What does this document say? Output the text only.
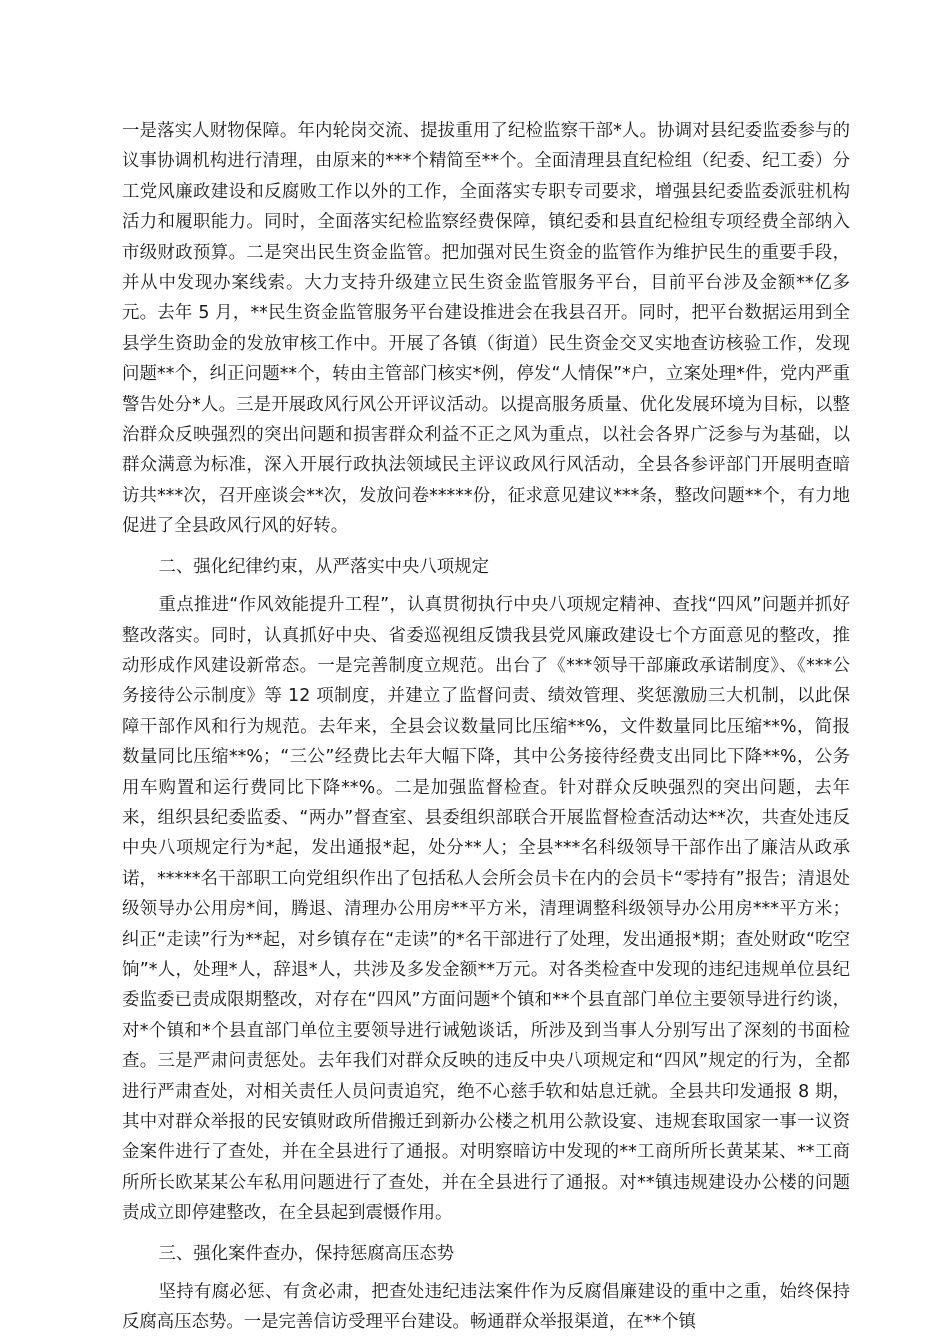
一是落实人财物保障。年内轮岗交流、提拔重用了纪检监察干部*人。协调对县纪委监委参与的议事协调机构进行清理，由原来的***个精简至**个。全面清理县直纪检组（纪委、纪工委）分工党风廉政建设和反腐败工作以外的工作，全面落实专职专司要求，增强县纪委监委派驻机构活力和履职能力。同时，全面落实纪检监察经费保障，镇纪委和县直纪检组专项经费全部纳入市级财政预算。二是突出民生资金监管。把加强对民生资金的监管作为维护民生的重要手段，并从中发现办案线索。大力支持升级建立民生资金监管服务平台，目前平台涉及金额**亿多元。去年 5 月，**民生资金监管服务平台建设推进会在我县召开。同时，把平台数据运用到全县学生资助金的发放审核工作中。开展了各镇（街道）民生资金交叉实地查访核验工作，发现问题**个，纠正问题**个，转由主管部门核实*例，停发“人情保”*户，立案处理*件，党内严重警告处分*人。三是开展政风行风公开评议活动。以提高服务质量、优化发展环境为目标，以整治群众反映强烈的突出问题和损害群众利益不正之风为重点，以社会各界广泛参与为基础，以群众满意为标准，深入开展行政执法领域民主评议政风行风活动，全县各参评部门开展明查暗访共***次，召开座谈会**次，发放问卷*****份，征求意见建议***条，整改问题**个，有力地促进了全县政风行风的好转。

二、强化纪律约束，从严落实中央八项规定

重点推进“作风效能提升工程”，认真贯彻执行中央八项规定精神、查找“四风”问题并抓好整改落实。同时，认真抓好中央、省委巡视组反馈我县党风廉政建设七个方面意见的整改，推动形成作风建设新常态。一是完善制度立规范。出台了《***领导干部廉政承诺制度》、《***公务接待公示制度》等 12 项制度，并建立了监督问责、绩效管理、奖惩激励三大机制，以此保障干部作风和行为规范。去年来，全县会议数量同比压缩**%，文件数量同比压缩**%，简报数量同比压缩**%；“三公”经费比去年大幅下降，其中公务接待经费支出同比下降**%，公务用车购置和运行费同比下降**%。二是加强监督检查。针对群众反映强烈的突出问题，去年来，组织县纪委监委、“两办”督查室、县委组织部联合开展监督检查活动达**次，共查处违反中央八项规定行为*起，发出通报*起，处分**人；全县***名科级领导干部作出了廉洁从政承诺，*****名干部职工向党组织作出了包括私人会所会员卡在内的会员卡“零持有”报告；清退处级领导办公用房*间，腾退、清理办公用房**平方米，清理调整科级领导办公用房***平方米；纠正“走读”行为**起，对乡镇存在“走读”的*名干部进行了处理，发出通报*期；查处财政“吃空饷”*人，处理*人，辞退*人，共涉及多发金额**万元。对各类检查中发现的违纪违规单位县纪委监委已责成限期整改，对存在“四风”方面问题*个镇和**个县直部门单位主要领导进行约谈，对*个镇和*个县直部门单位主要领导进行诫勉谈话，所涉及到当事人分别写出了深刻的书面检查。三是严肃问责惩处。去年我们对群众反映的违反中央八项规定和“四风”规定的行为，全都进行严肃查处，对相关责任人员问责追究，绝不心慈手软和姑息迁就。全县共印发通报 8 期，其中对群众举报的民安镇财政所借搬迁到新办公楼之机用公款设宴、违规套取国家一事一议资金案件进行了查处，并在全县进行了通报。对明察暗访中发现的**工商所所长黄某某、**工商所所长欧某某公车私用问题进行了查处，并在全县进行了通报。对**镇违规建设办公楼的问题责成立即停建整改，在全县起到震慑作用。

三、强化案件查办，保持惩腐高压态势

坚持有腐必惩、有贪必肃，把查处违纪违法案件作为反腐倡廉建设的重中之重，始终保持反腐高压态势。一是完善信访受理平台建设。畅通群众举报渠道，在**个镇
